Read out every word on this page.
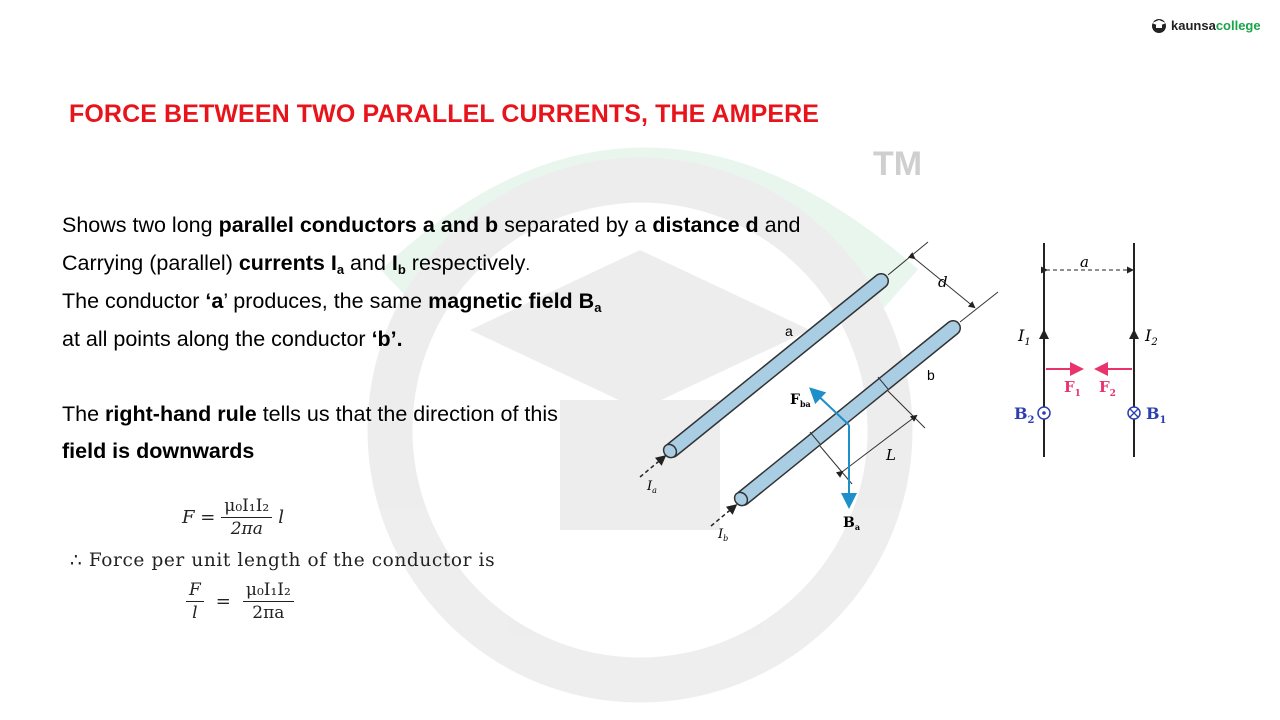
TM
kaunsa college
FORCE BETWEEN TWO PARALLEL CURRENTS, THE AMPERE

Shows two long parallel conductors a and b separated by a distance d and

Carrying (parallel) currents $I_a$ and $I_b$ respectively.

The conductor ‘a’ produces, the same magnetic field $B_a$

at all points along the conductor ‘b’.

The right-hand rule tells us that the direction of this

field is downwards

$F = \frac{\text{μ₀I₁I₂}}{2\pi a}$ l
∴ Force per unit length of the conductor is
$\frac{F}{l} = \frac{\text{μ₀I₁I₂}}{2\pi a}$
d
L
a
b
$F_{ba}$
$B_a$
$I_a$
$I_b$
a
$I_1$	$I_2$
$F_1$ $F_2$
$B_2$	$B_1$
